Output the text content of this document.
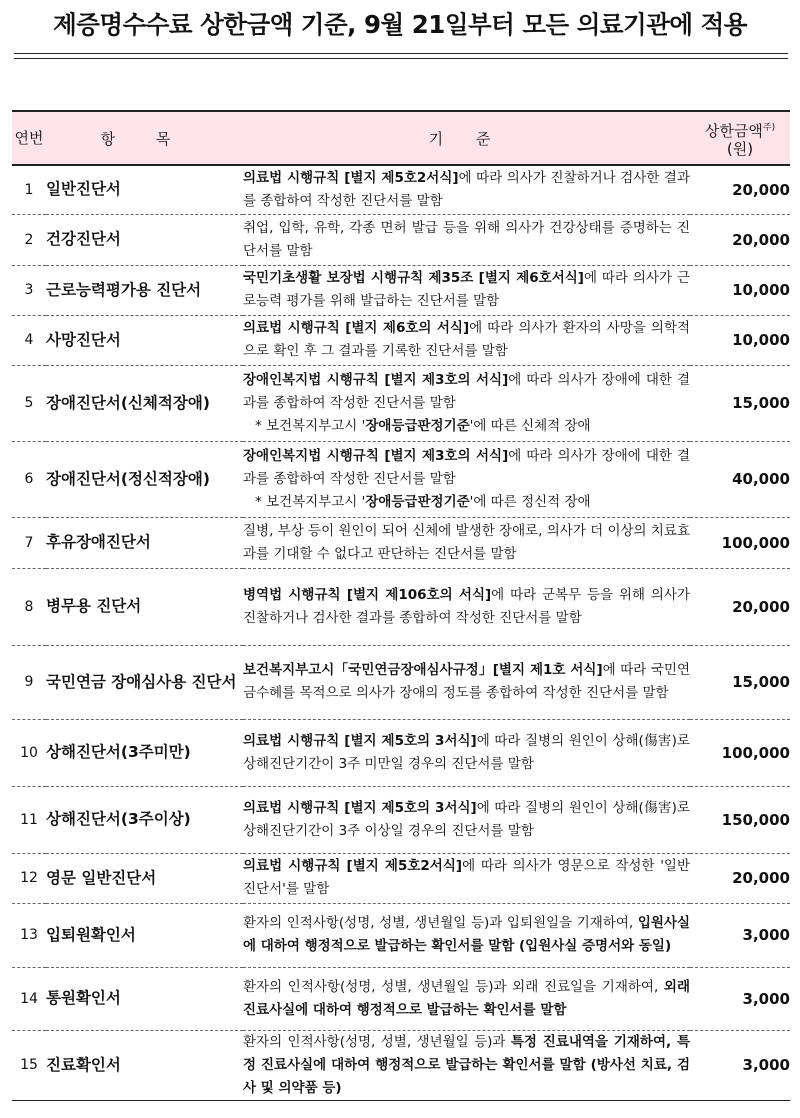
제증명수수료 상한금액 기준, 9월 21일부터 모든 의료기관에 적용
연번	항 목	기 준	상한금액$^{주)}$
(원)
1	일반진단서	의료법 시행규칙 [별지 제5호2서식]에 따라 의사가 진찰하거나 검사한 결과를 종합하여 작성한 진단서를 말함	20,000
2	건강진단서	취업, 입학, 유학, 각종 면허 발급 등을 위해 의사가 건강상태를 증명하는 진단서를 말함	20,000
3	근로능력평가용 진단서	국민기초생활 보장법 시행규칙 제35조 [별지 제6호서식]에 따라 의사가 근로능력 평가를 위해 발급하는 진단서를 말함	10,000
4	사망진단서	의료법 시행규칙 [별지 제6호의 서식]에 따라 의사가 환자의 사망을 의학적으로 확인 후 그 결과를 기록한 진단서를 말함	10,000
5	장애진단서(신체적장애)	장애인복지법 시행규칙 [별지 제3호의 서식]에 따라 의사가 장애에 대한 결과를 종합하여 작성한 진단서를 말함
* 보건복지부고시 '장애등급판정기준'에 따른 신체적 장애	15,000
6	장애진단서(정신적장애)	장애인복지법 시행규칙 [별지 제3호의 서식]에 따라 의사가 장애에 대한 결과를 종합하여 작성한 진단서를 말함
* 보건복지부고시 '장애등급판정기준'에 따른 정신적 장애	40,000
7	후유장애진단서	질병, 부상 등이 원인이 되어 신체에 발생한 장애로, 의사가 더 이상의 치료효과를 기대할 수 없다고 판단하는 진단서를 말함	100,000
8	병무용 진단서	병역법 시행규칙 [별지 제106호의 서식]에 따라 군복무 등을 위해 의사가 진찰하거나 검사한 결과를 종합하여 작성한 진단서를 말함	20,000
9	국민연금 장애심사용 진단서	보건복지부고시「국민연금장애심사규정」[별지 제1호 서식]에 따라 국민연금수혜를 목적으로 의사가 장애의 정도를 종합하여 작성한 진단서를 말함	15,000
10	상해진단서(3주미만)	의료법 시행규칙 [별지 제5호의 3서식]에 따라 질병의 원인이 상해(傷害)로 상해진단기간이 3주 미만일 경우의 진단서를 말함	100,000
11	상해진단서(3주이상)	의료법 시행규칙 [별지 제5호의 3서식]에 따라 질병의 원인이 상해(傷害)로 상해진단기간이 3주 이상일 경우의 진단서를 말함	150,000
12	영문 일반진단서	의료법 시행규칙 [별지 제5호2서식]에 따라 의사가 영문으로 작성한 '일반 진단서'를 말함	20,000
13	입퇴원확인서	환자의 인적사항(성명, 성별, 생년월일 등)과 입퇴원일을 기재하여, 입원사실에 대하여 행정적으로 발급하는 확인서를 말함 (입원사실 증명서와 동일)	3,000
14	통원확인서	환자의 인적사항(성명, 성별, 생년월일 등)과 외래 진료일을 기재하여, 외래진료사실에 대하여 행정적으로 발급하는 확인서를 말함	3,000
15	진료확인서	환자의 인적사항(성명, 성별, 생년월일 등)과 특정 진료내역을 기재하여, 특정 진료사실에 대하여 행정적으로 발급하는 확인서를 말함 (방사선 치료, 검사 및 의약품 등)	3,000
